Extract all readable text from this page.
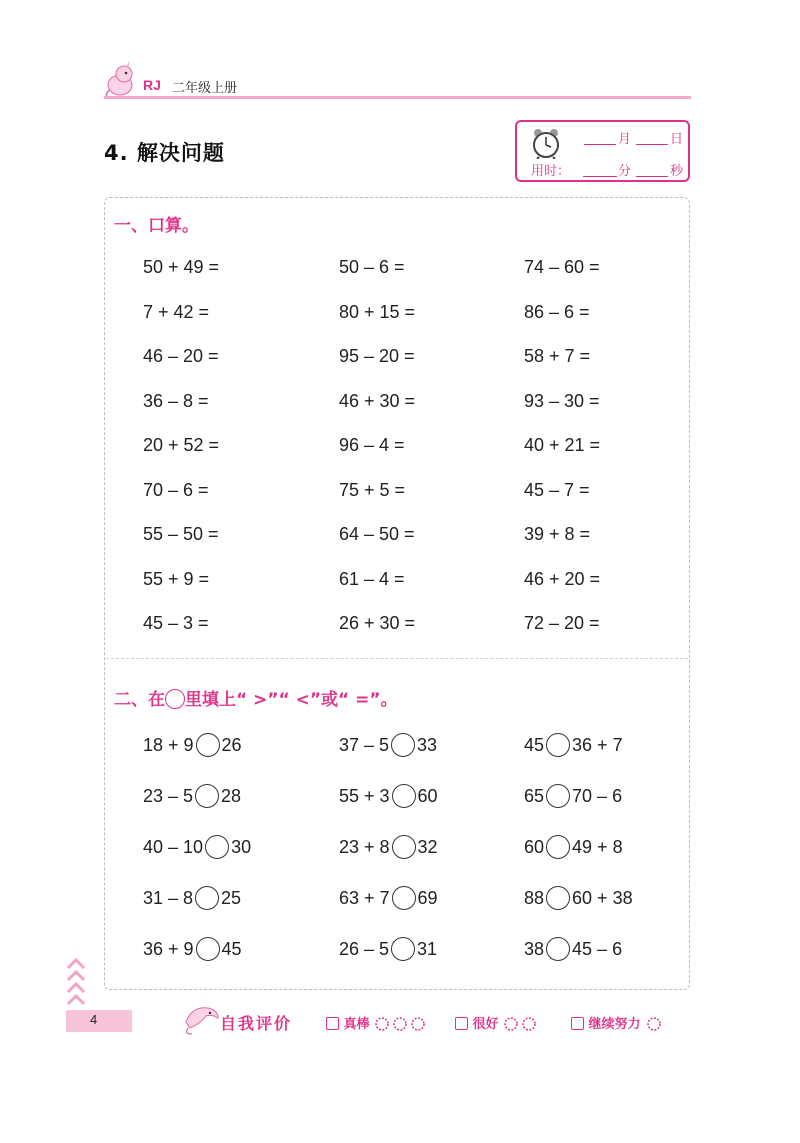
RJ 二年级上册
4. 解决问题
月	日
用时：	分	秒
一、口算。
50 + 49 =	50 – 6 =	74 – 60 =
7 + 42 =	80 + 15 =	86 – 6 =
46 – 20 =	95 – 20 =	58 + 7 =
36 – 8 =	46 + 30 =	93 – 30 =
20 + 52 =	96 – 4 =	40 + 21 =
70 – 6 =	75 + 5 =	45 – 7 =
55 – 50 =	64 – 50 =	39 + 8 =
55 + 9 =	61 – 4 =	46 + 20 =
45 – 3 =	26 + 30 =	72 – 20 =
二、在 里填上“ >”“ <”或“ =”。
18 + 9 26	37 – 5 33	45 36 + 7
23 – 5 28	55 + 3 60	65 70 – 6
40 – 10 30	23 + 8 32	60 49 + 8
31 – 8 25	63 + 7 69	88 60 + 38
36 + 9 45	26 – 5 31	38 45 – 6
4	自我评价	真棒	很好	继续努力
